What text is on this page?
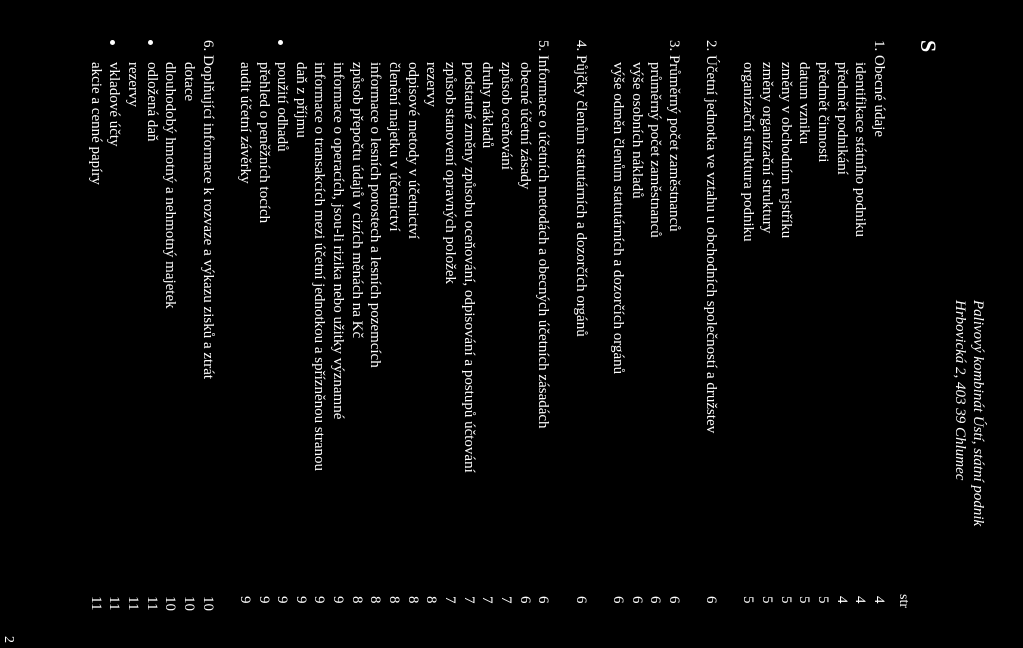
Palivový kombinát Ústí, státní podnik
Hrbovická 2, 403 39 Chlumec
S
str
1. Obecné údaje
4
identifikace státního podniku
4
předmět podnikání
4
předmět činnosti
5
datum vzniku
5
změny v obchodním rejstříku
5
změny organizační struktury
5
organizační struktura podniku
5
2. Účetní jednotka ve vztahu u obchodních společností a družstev
6
3. Průměrný počet zaměstnanců
6
průměrný počet zaměstnanců
6
výše osobních nákladů
6
výše odměn členům statutárních a dozorčích orgánů
6
4. Půjčky členům statutárních a dozorčích orgánů
6
5. Informace o účetních metodách a obecných účetních zásadách
6
obecné účetní zásady
6
způsob oceňování
7
druhy nákladů
7
podstatné změny způsobu oceňování, odpisování a postupů účtování
7
způsob stanovení opravných položek
7
rezervy
8
odpisové metody v účetnictví
8
členění majetku v účetnictví
8
informace o lesních porostech a lesních pozemcích
8
způsob přepočtu údajů v cizích měnách na Kč
8
informace o operacích, jsou-li rizika nebo užitky významné
9
informace o transakcích mezi účetní jednotkou a spřízněnou stranou
9
daň z příjmu
9
použití odhadů
9
přehled o peněžních tocích
9
audit účetní závěrky
9
6. Doplňující informace k rozvaze a výkazu zisků a ztrát
10
dotace
10
dlouhodobý hmotný a nehmotný majetek
10
odložená daň
11
rezervy
11
vkladové účty
11
akcie a cenné papíry
11
2
